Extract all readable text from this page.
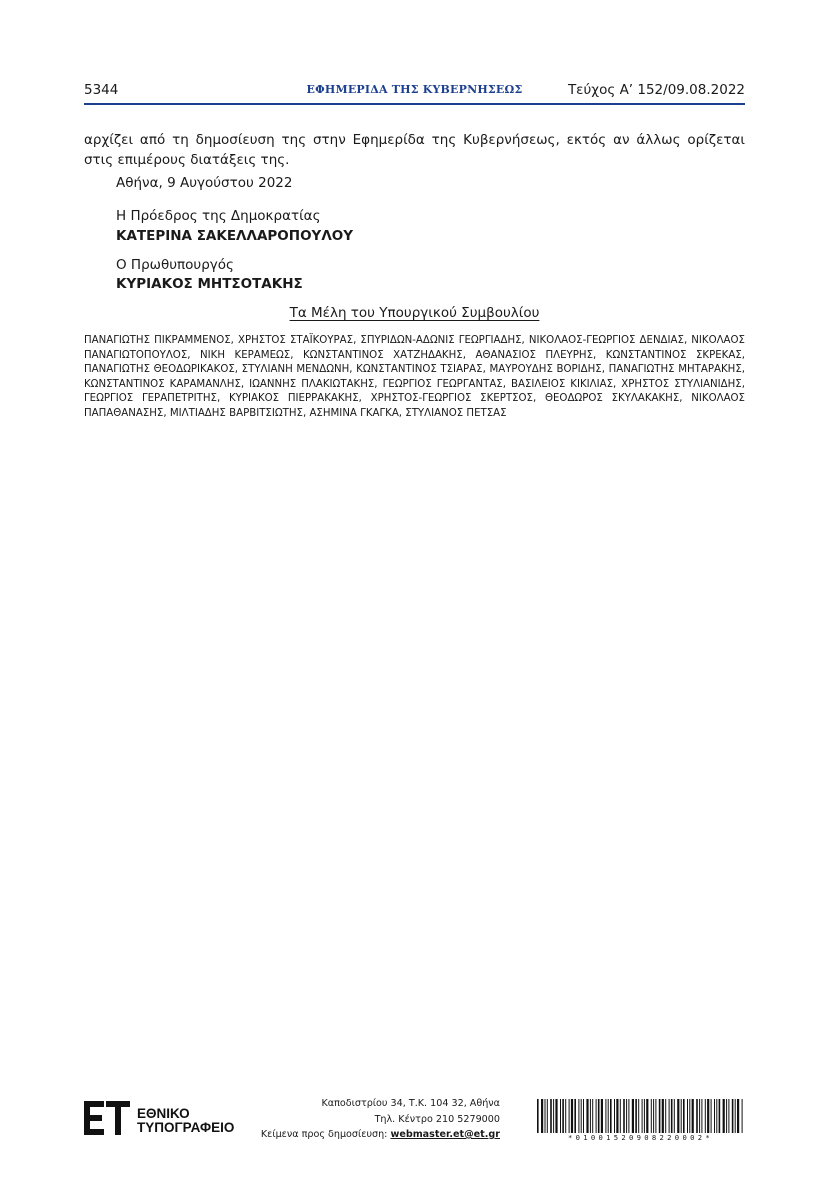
5344	ΕΦΗΜΕΡΙΔΑ ΤΗΣ ΚΥΒΕΡΝΗΣΕΩΣ	Τεύχος A’ 152/09.08.2022
αρχίζει από τη δημοσίευση της στην Εφημερίδα της Κυβερνήσεως, εκτός αν άλλως ορίζεται στις επιμέρους διατάξεις της.
Αθήνα, 9 Αυγούστου 2022
Η Πρόεδρος της Δημοκρατίας
ΚΑΤΕΡΙΝΑ ΣΑΚΕΛΛΑΡΟΠΟΥΛΟΥ
Ο Πρωθυπουργός
ΚΥΡΙΑΚΟΣ ΜΗΤΣΟΤΑΚΗΣ
Τα Μέλη του Υπουργικού Συμβουλίου
ΠΑΝΑΓΙΩΤΗΣ ΠΙΚΡΑΜΜΕΝΟΣ, ΧΡΗΣΤΟΣ ΣΤΑΪΚΟΥΡΑΣ, ΣΠΥΡΙΔΩΝ-ΑΔΩΝΙΣ ΓΕΩΡΓΙΑΔΗΣ, ΝΙΚΟΛΑΟΣ-ΓΕΩΡΓΙΟΣ ΔΕΝΔΙΑΣ, ΝΙΚΟΛΑΟΣ ΠΑΝΑΓΙΩΤΟΠΟΥΛΟΣ, ΝΙΚΗ ΚΕΡΑΜΕΩΣ, ΚΩΝΣΤΑΝΤΙΝΟΣ ΧΑΤΖΗΔΑΚΗΣ, ΑΘΑΝΑΣΙΟΣ ΠΛΕΥΡΗΣ, ΚΩΝΣΤΑΝΤΙΝΟΣ ΣΚΡΕΚΑΣ, ΠΑΝΑΓΙΩΤΗΣ ΘΕΟΔΩΡΙΚΑΚΟΣ, ΣΤΥΛΙΑΝΗ ΜΕΝΔΩΝΗ, ΚΩΝΣΤΑΝΤΙΝΟΣ ΤΣΙΑΡΑΣ, ΜΑΥΡΟΥΔΗΣ ΒΟΡΙΔΗΣ, ΠΑΝΑΓΙΩΤΗΣ ΜΗΤΑΡΑΚΗΣ, ΚΩΝΣΤΑΝΤΙΝΟΣ ΚΑΡΑΜΑΝΛΗΣ, ΙΩΑΝΝΗΣ ΠΛΑΚΙΩΤΑΚΗΣ, ΓΕΩΡΓΙΟΣ ΓΕΩΡΓΑΝΤΑΣ, ΒΑΣΙΛΕΙΟΣ ΚΙΚΙΛΙΑΣ, ΧΡΗΣΤΟΣ ΣΤΥΛΙΑΝΙΔΗΣ, ΓΕΩΡΓΙΟΣ ΓΕΡΑΠΕΤΡΙΤΗΣ, ΚΥΡΙΑΚΟΣ ΠΙΕΡΡΑΚΑΚΗΣ, ΧΡΗΣΤΟΣ-ΓΕΩΡΓΙΟΣ ΣΚΕΡΤΣΟΣ, ΘΕΟΔΩΡΟΣ ΣΚΥΛΑΚΑΚΗΣ, ΝΙΚΟΛΑΟΣ ΠΑΠΑΘΑΝΑΣΗΣ, ΜΙΛΤΙΑΔΗΣ ΒΑΡΒΙΤΣΙΩΤΗΣ, ΑΣΗΜΙΝΑ ΓΚΑΓΚΑ, ΣΤΥΛΙΑΝΟΣ ΠΕΤΣΑΣ
ΕΘΝΙΚΟ
ΤΥΠΟΓΡΑΦΕΙΟ
Καποδιστρίου 34, Τ.Κ. 104 32, Αθήνα
Τηλ. Κέντρο 210 5279000
Κείμενα προς δημοσίευση: webmaster.et@et.gr	*01001520908220002*
